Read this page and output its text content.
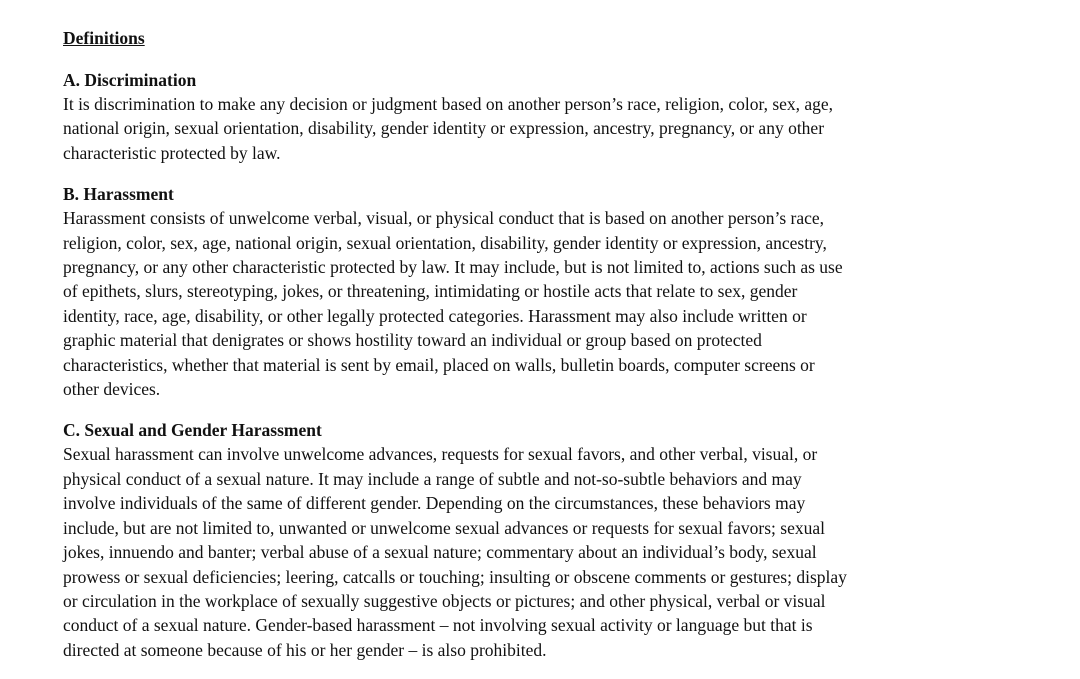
Definitions
A. Discrimination
It is discrimination to make any decision or judgment based on another person’s race, religion, color, sex, age,
national origin, sexual orientation, disability, gender identity or expression, ancestry, pregnancy, or any other
characteristic protected by law.
B. Harassment
Harassment consists of unwelcome verbal, visual, or physical conduct that is based on another person’s race,
religion, color, sex, age, national origin, sexual orientation, disability, gender identity or expression, ancestry,
pregnancy, or any other characteristic protected by law. It may include, but is not limited to, actions such as use
of epithets, slurs, stereotyping, jokes, or threatening, intimidating or hostile acts that relate to sex, gender
identity, race, age, disability, or other legally protected categories. Harassment may also include written or
graphic material that denigrates or shows hostility toward an individual or group based on protected
characteristics, whether that material is sent by email, placed on walls, bulletin boards, computer screens or
other devices.
C. Sexual and Gender Harassment
Sexual harassment can involve unwelcome advances, requests for sexual favors, and other verbal, visual, or
physical conduct of a sexual nature. It may include a range of subtle and not-so-subtle behaviors and may
involve individuals of the same of different gender. Depending on the circumstances, these behaviors may
include, but are not limited to, unwanted or unwelcome sexual advances or requests for sexual favors; sexual
jokes, innuendo and banter; verbal abuse of a sexual nature; commentary about an individual’s body, sexual
prowess or sexual deficiencies; leering, catcalls or touching; insulting or obscene comments or gestures; display
or circulation in the workplace of sexually suggestive objects or pictures; and other physical, verbal or visual
conduct of a sexual nature. Gender-based harassment – not involving sexual activity or language but that is
directed at someone because of his or her gender – is also prohibited.
